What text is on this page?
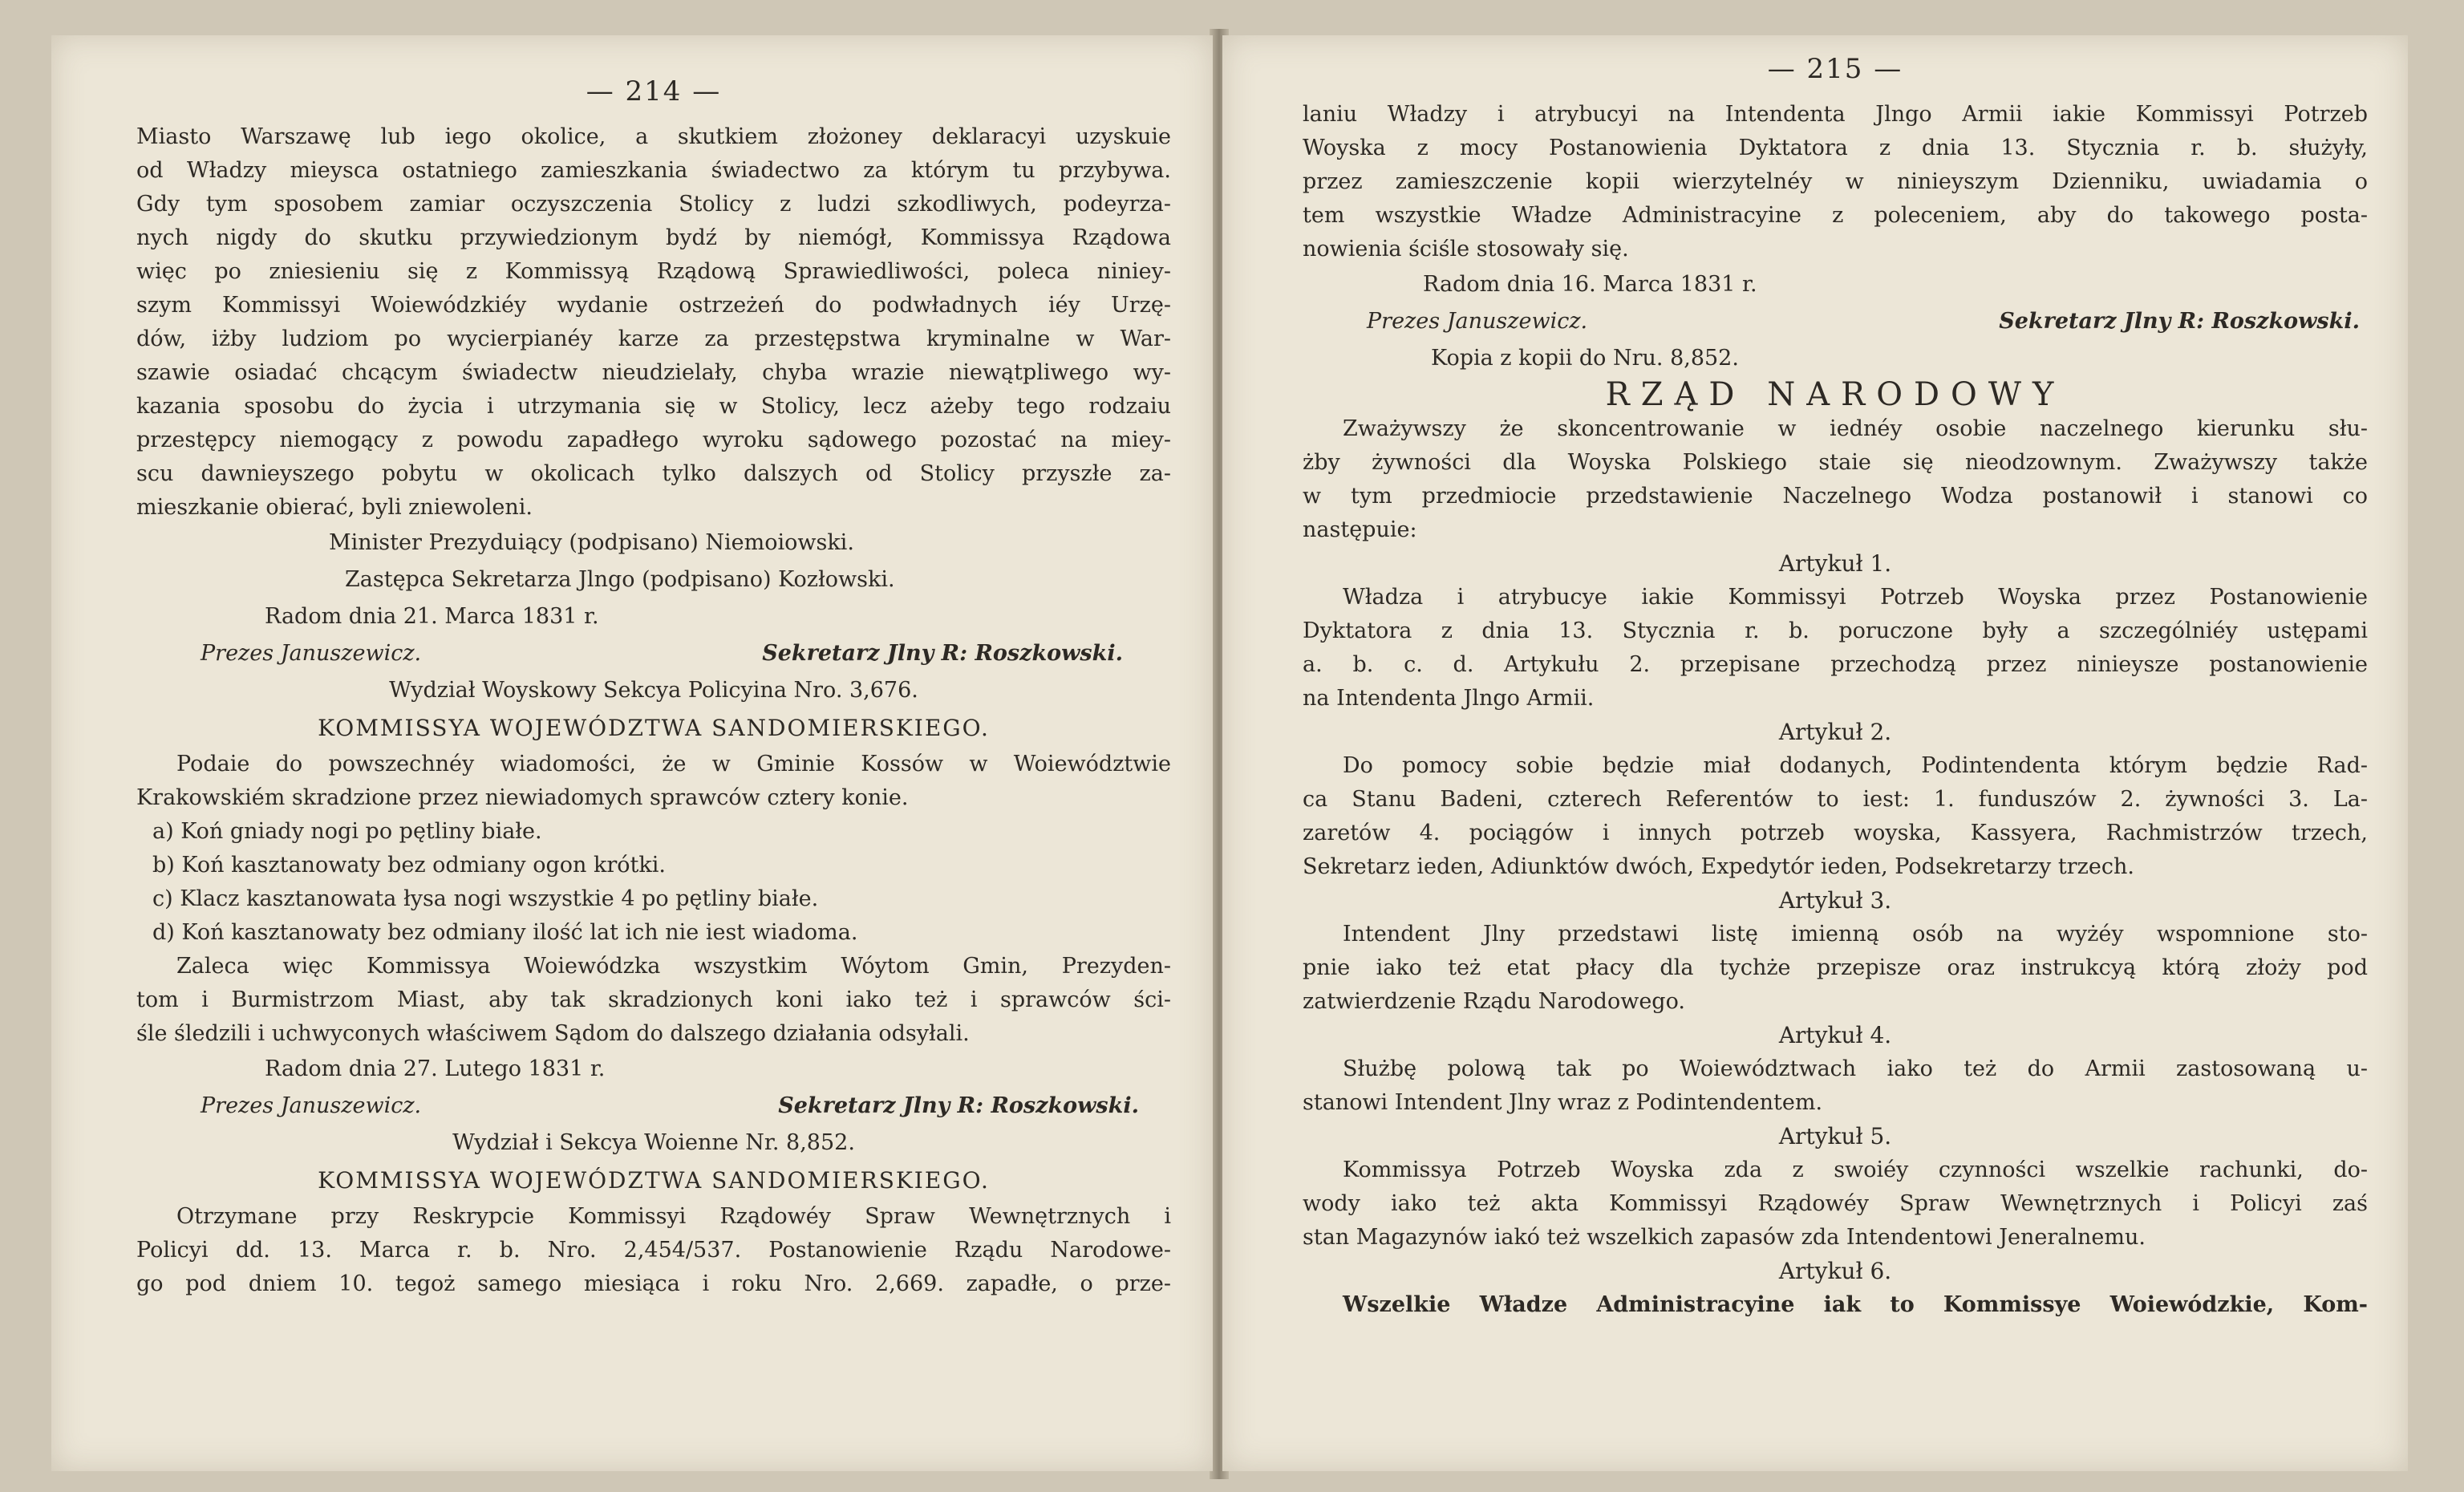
— 214 —
Miasto Warszawę lub iego okolice, a skutkiem złożoney deklaracyi uzyskuie
od Władzy mieysca ostatniego zamieszkania świadectwo za którym tu przybywa.
Gdy tym sposobem zamiar oczyszczenia Stolicy z ludzi szkodliwych, podeyrza-
nych nigdy do skutku przywiedzionym bydź by niemógł, Kommissya Rządowa
więc po zniesieniu się z Kommissyą Rządową Sprawiedliwości, poleca niniey-
szym Kommissyi Woiewódzkiéy wydanie ostrzeżeń do podwładnych iéy Urzę-
dów, iżby ludziom po wycierpianéy karze za przestępstwa kryminalne w War-
szawie osiadać chcącym świadectw nieudzielały, chyba wrazie niewątpliwego wy-
kazania sposobu do życia i utrzymania się w Stolicy, lecz ażeby tego rodzaiu
przestępcy niemogący z powodu zapadłego wyroku sądowego pozostać na miey-
scu dawnieyszego pobytu w okolicach tylko dalszych od Stolicy przyszłe za-
mieszkanie obierać, byli zniewoleni.
Minister Prezyduiący (podpisano) Niemoiowski.
Zastępca Sekretarza Jlngo (podpisano) Kozłowski.
Radom dnia 21. Marca 1831 r.
Prezes Januszewicz.	Sekretarz Jlny R: Roszkowski.
Wydział Woyskowy Sekcya Policyina Nro. 3,676.
KOMMISSYA WOJEWÓDZTWA SANDOMIERSKIEGO.
Podaie do powszechnéy wiadomości, że w Gminie Kossów w Woiewództwie
Krakowskiém skradzione przez niewiadomych sprawców cztery konie.
a) Koń gniady nogi po pętliny białe.
b) Koń kasztanowaty bez odmiany ogon krótki.
c) Klacz kasztanowata łysa nogi wszystkie 4 po pętliny białe.
d) Koń kasztanowaty bez odmiany ilość lat ich nie iest wiadoma.
Zaleca więc Kommissya Woiewódzka wszystkim Wóytom Gmin, Prezyden-
tom i Burmistrzom Miast, aby tak skradzionych koni iako też i sprawców ści-
śle śledzili i uchwyconych właściwem Sądom do dalszego działania odsyłali.
Radom dnia 27. Lutego 1831 r.
Prezes Januszewicz.	Sekretarz Jlny R: Roszkowski.
Wydział i Sekcya Woienne Nr. 8,852.
KOMMISSYA WOJEWÓDZTWA SANDOMIERSKIEGO.
Otrzymane przy Reskrypcie Kommissyi Rządowéy Spraw Wewnętrznych i
Policyi dd. 13. Marca r. b. Nro. 2,454/537. Postanowienie Rządu Narodowe-
go pod dniem 10. tegoż samego miesiąca i roku Nro. 2,669. zapadłe, o prze-
— 215 —
laniu Władzy i atrybucyi na Intendenta Jlngo Armii iakie Kommissyi Potrzeb
Woyska z mocy Postanowienia Dyktatora z dnia 13. Stycznia r. b. służyły,
przez zamieszczenie kopii wierzytelnéy w ninieyszym Dzienniku, uwiadamia o
tem wszystkie Władze Administracyine z poleceniem, aby do takowego posta-
nowienia ściśle stosowały się.
Radom dnia 16. Marca 1831 r.
Prezes Januszewicz.	Sekretarz Jlny R: Roszkowski.
Kopia z kopii do Nru. 8,852.
RZĄD NARODOWY
Zważywszy że skoncentrowanie w iednéy osobie naczelnego kierunku słu-
żby żywności dla Woyska Polskiego staie się nieodzownym. Zważywszy także
w tym przedmiocie przedstawienie Naczelnego Wodza postanowił i stanowi co
następuie:
Artykuł 1.
Władza i atrybucye iakie Kommissyi Potrzeb Woyska przez Postanowienie
Dyktatora z dnia 13. Stycznia r. b. poruczone były a szczególniéy ustępami
a. b. c. d. Artykułu 2. przepisane przechodzą przez ninieysze postanowienie
na Intendenta Jlngo Armii.
Artykuł 2.
Do pomocy sobie będzie miał dodanych, Podintendenta którym będzie Rad-
ca Stanu Badeni, czterech Referentów to iest: 1. funduszów 2. żywności 3. La-
zaretów 4. pociągów i innych potrzeb woyska, Kassyera, Rachmistrzów trzech,
Sekretarz ieden, Adiunktów dwóch, Expedytór ieden, Podsekretarzy trzech.
Artykuł 3.
Intendent Jlny przedstawi listę imienną osób na wyżéy wspomnione sto-
pnie iako też etat płacy dla tychże przepisze oraz instrukcyą którą złoży pod
zatwierdzenie Rządu Narodowego.
Artykuł 4.
Służbę polową tak po Woiewództwach iako też do Armii zastosowaną u-
stanowi Intendent Jlny wraz z Podintendentem.
Artykuł 5.
Kommissya Potrzeb Woyska zda z swoiéy czynności wszelkie rachunki, do-
wody iako też akta Kommissyi Rządowéy Spraw Wewnętrznych i Policyi zaś
stan Magazynów iakó też wszelkich zapasów zda Intendentowi Jeneralnemu.
Artykuł 6.
Wszelkie Władze Administracyine iak to Kommissye Woiewódzkie, Kom-
